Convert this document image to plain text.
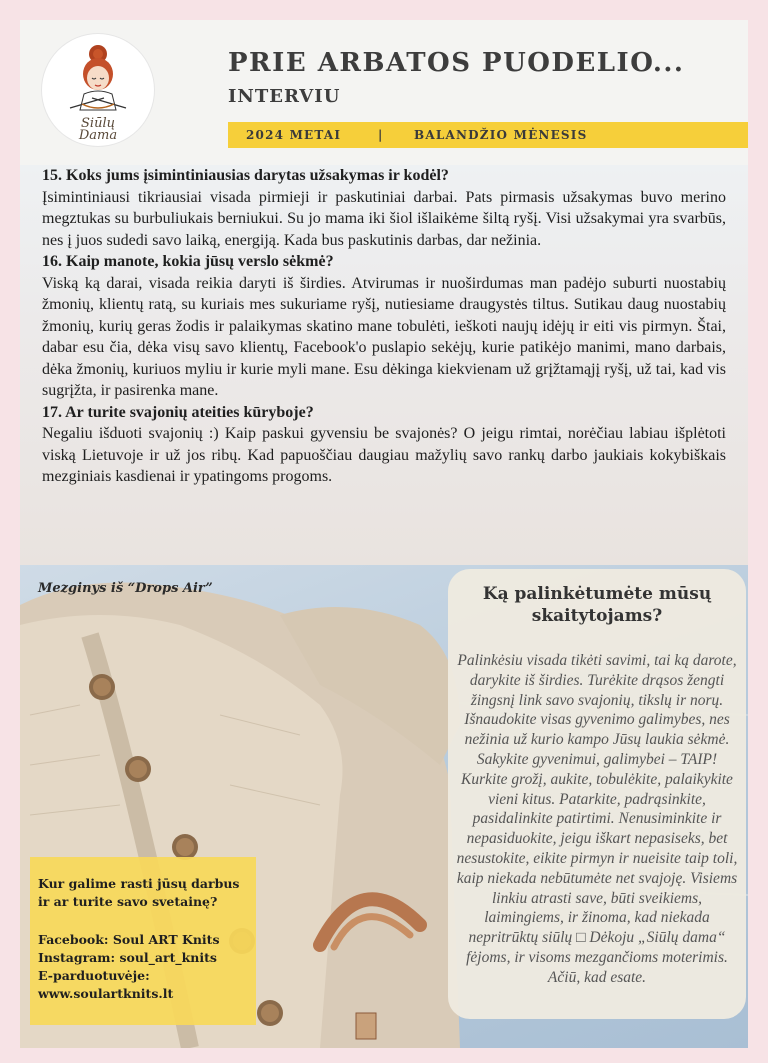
Siūlų
Dama
PRIE ARBATOS PUODELIO...
INTERVIU
2024 METAI	|	BALANDŽIO MĖNESIS

15. Koks jums įsimintiniausias darytas užsakymas ir kodėl?

Įsimintiniausi tikriausiai visada pirmieji ir paskutiniai darbai. Pats pirmasis užsakymas buvo merino megztukas su burbuliukais berniukui. Su jo mama iki šiol išlaikėme šiltą ryšį. Visi užsakymai yra svarbūs, nes į juos sudedi savo laiką, energiją. Kada bus paskutinis darbas, dar nežinia.

16. Kaip manote, kokia jūsų verslo sėkmė?

Viską ką darai, visada reikia daryti iš širdies. Atvirumas ir nuoširdumas man padėjo suburti nuostabių žmonių, klientų ratą, su kuriais mes sukuriame ryšį, nutiesiame draugystės tiltus. Sutikau daug nuostabių žmonių, kurių geras žodis ir palaikymas skatino mane tobulėti, ieškoti naujų idėjų ir eiti vis pirmyn. Štai, dabar esu čia, dėka visų savo klientų, Facebook'o puslapio sekėjų, kurie patikėjo manimi, mano darbais, dėka žmonių, kuriuos myliu ir kurie myli mane. Esu dėkinga kiekvienam už grįžtamąjį ryšį, už tai, kad vis sugrįžta, ir pasirenka mane.

17. Ar turite svajonių ateities kūryboje?

Negaliu išduoti svajonių :) Kaip paskui gyvensiu be svajonės? O jeigu rimtai, norėčiau labiau išplėtoti viską Lietuvoje ir už jos ribų. Kad papuoščiau daugiau mažylių savo rankų darbo jaukiais kokybiškais mezginiais kasdienai ir ypatingoms progoms.

Mezginys iš “Drops Air”
Kur galime rasti jūsų darbus
ir ar turite savo svetainę?
Facebook: Soul ART Knits
Instagram: soul_art_knits
E-parduotuvėje:
www.soulartknits.lt
Ką palinkėtumėte mūsų
skaitytojams?
Palinkėsiu visada tikėti savimi, tai ką darote, darykite iš širdies. Turėkite drąsos žengti žingsnį link savo svajonių, tikslų ir norų. Išnaudokite visas gyvenimo galimybes, nes nežinia už kurio kampo Jūsų laukia sėkmė. Sakykite gyvenimui, galimybei – TAIP! Kurkite grožį, aukite, tobulėkite, palaikykite vieni kitus. Patarkite, padrąsinkite, pasidalinkite patirtimi. Nenusiminkite ir nepasiduokite, jeigu iškart nepasiseks, bet nesustokite, eikite pirmyn ir nueisite taip toli, kaip niekada nebūtumėte net svajoję. Visiems linkiu atrasti save, būti sveikiems, laimingiems, ir žinoma, kad niekada nepritrūktų siūlų □ Dėkoju „Siūlų dama“ fėjoms, ir visoms mezgančioms moterimis. Ačiū, kad esate.
